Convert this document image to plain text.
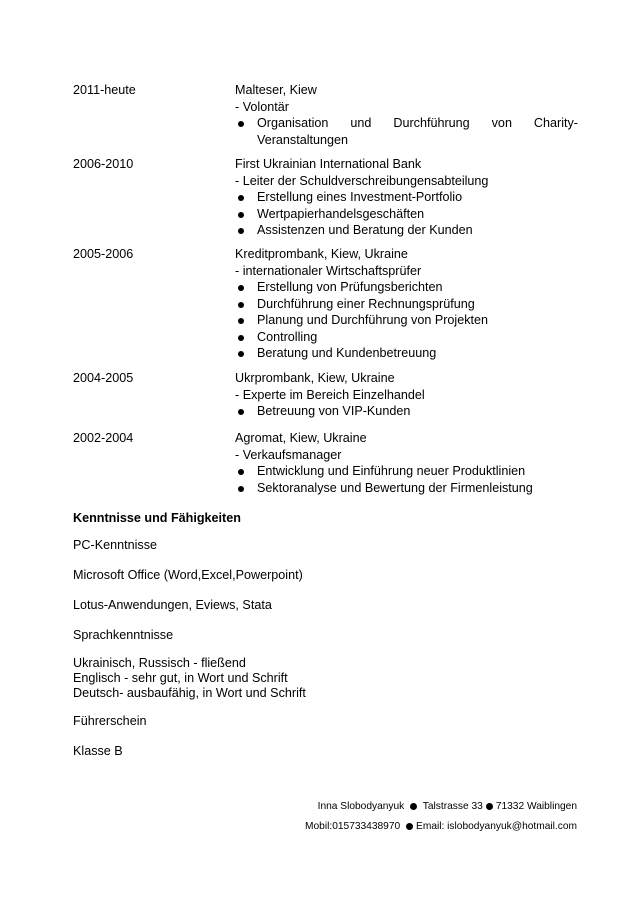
2011-heute	Malteser, Kiew
- Volontär
Organisation und Durchführung von Charity-
Veranstaltungen
2006-2010	First Ukrainian International Bank
- Leiter der Schuldverschreibungensabteilung
Erstellung eines Investment-Portfolio
Wertpapierhandelsgeschäften
Assistenzen und Beratung der Kunden
2005-2006	Kreditprombank, Kiew, Ukraine
- internationaler Wirtschaftsprüfer
Erstellung von Prüfungsberichten
Durchführung einer Rechnungsprüfung
Planung und Durchführung von Projekten
Controlling
Beratung und Kundenbetreuung
2004-2005	Ukrprombank, Kiew, Ukraine
- Experte im Bereich Einzelhandel
Betreuung von VIP-Kunden
2002-2004	Agromat, Kiew, Ukraine
- Verkaufsmanager
Entwicklung und Einführung neuer Produktlinien
Sektoranalyse und Bewertung der Firmenleistung
Kenntnisse und Fähigkeiten
PC-Kenntnisse
Microsoft Office (Word,Excel,Powerpoint)
Lotus-Anwendungen, Eviews, Stata
Sprachkenntnisse
Ukrainisch, Russisch - fließend
Englisch - sehr gut, in Wort und Schrift
Deutsch- ausbaufähig, in Wort und Schrift
Führerschein
Klasse B
Inna Slobodyanyuk Talstrasse 33 71332 Waiblingen
Mobil:015733438970 Email: islobodyanyuk@hotmail.com
